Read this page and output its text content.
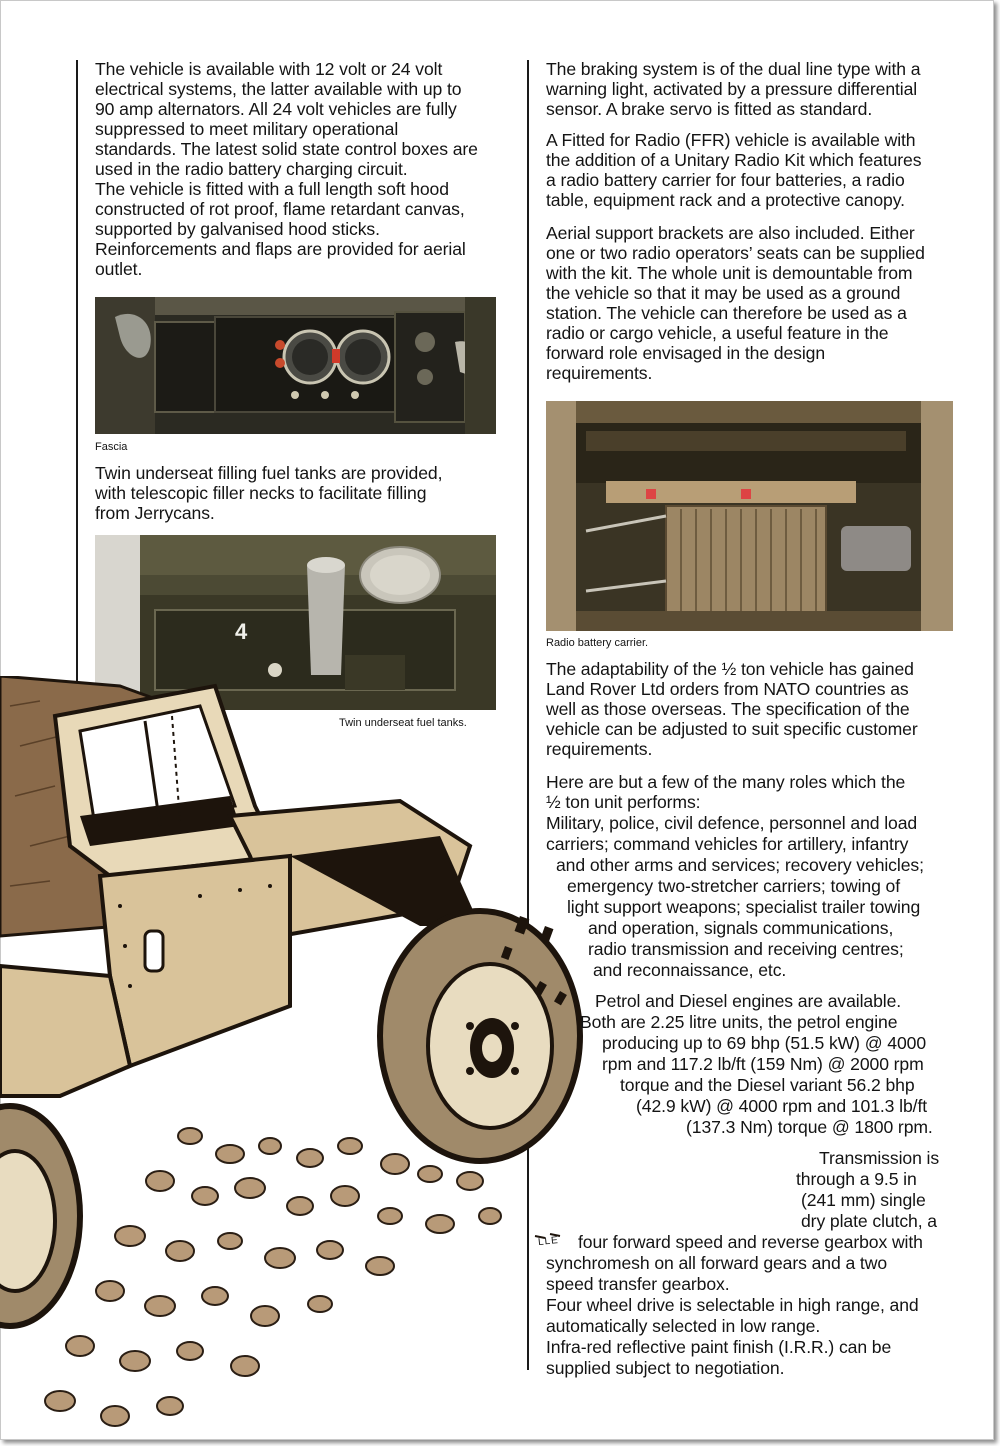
The vehicle is available with 12 volt or 24 volt
electrical systems, the latter available with up to
90 amp alternators. All 24 volt vehicles are fully
suppressed to meet military operational
standards. The latest solid state control boxes are
used in the radio battery charging circuit.
The vehicle is fitted with a full length soft hood
constructed of rot proof, flame retardant canvas,
supported by galvanised hood sticks.
Reinforcements and flaps are provided for aerial
outlet.

Fascia

Twin underseat filling fuel tanks are provided,
with telescopic filler necks to facilitate filling
from Jerrycans.

4
LLE
Twin underseat fuel tanks.

The braking system is of the dual line type with a
warning light, activated by a pressure differential
sensor. A brake servo is fitted as standard.

A Fitted for Radio (FFR) vehicle is available with
the addition of a Unitary Radio Kit which features
a radio battery carrier for four batteries, a radio
table, equipment rack and a protective canopy.

Aerial support brackets are also included. Either
one or two radio operators’ seats can be supplied
with the kit. The whole unit is demountable from
the vehicle so that it may be used as a ground
station. The vehicle can therefore be used as a
radio or cargo vehicle, a useful feature in the
forward role envisaged in the design
requirements.

Radio battery carrier.

The adaptability of the ½ ton vehicle has gained
Land Rover Ltd orders from NATO countries as
well as those overseas. The specification of the
vehicle can be adjusted to suit specific customer
requirements.

Here are but a few of the many roles which the

½ ton unit performs:

Military, police, civil defence, personnel and load

carriers; command vehicles for artillery, infantry

and other arms and services; recovery vehicles;

emergency two-stretcher carriers; towing of

light support weapons; specialist trailer towing

and operation, signals communications,

radio transmission and receiving centres;

and reconnaissance, etc.

Petrol and Diesel engines are available.

Both are 2.25 litre units, the petrol engine

producing up to 69 bhp (51.5 kW) @ 4000

rpm and 117.2 lb/ft (159 Nm) @ 2000 rpm

torque and the Diesel variant 56.2 bhp

(42.9 kW) @ 4000 rpm and 101.3 lb/ft

(137.3 Nm) torque @ 1800 rpm.

Transmission is

through a 9.5 in

(241 mm) single

dry plate clutch, a

four forward speed and reverse gearbox with

synchromesh on all forward gears and a two

speed transfer gearbox.

Four wheel drive is selectable in high range, and

automatically selected in low range.

Infra-red reflective paint finish (I.R.R.) can be

supplied subject to negotiation.
